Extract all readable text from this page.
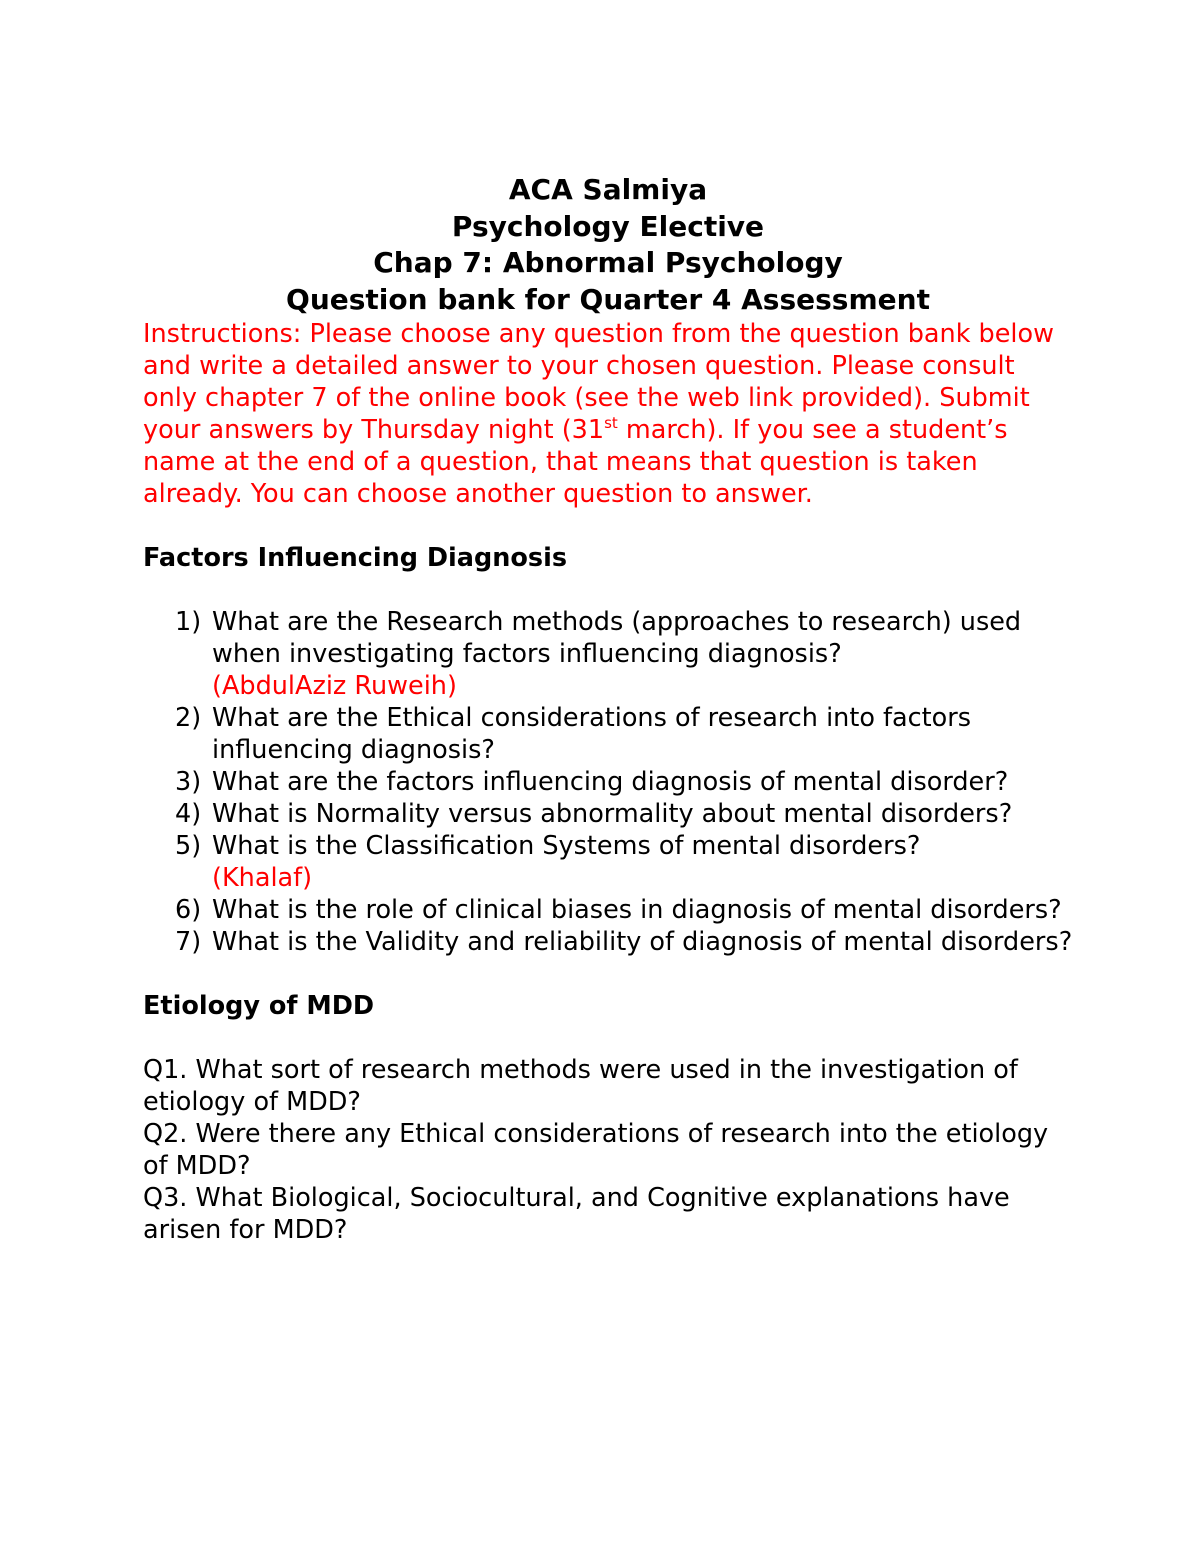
ACA Salmiya
Psychology Elective
Chap 7: Abnormal Psychology
Question bank for Quarter 4 Assessment

Instructions: Please choose any question from the question bank below and write a detailed answer to your chosen question. Please consult only chapter 7 of the online book (see the web link provided). Submit your answers by Thursday night (31st march). If you see a student’s name at the end of a question, that means that question is taken already. You can choose another question to answer.

Factors Influencing Diagnosis
1) What are the Research methods (approaches to research) used when investigating factors influencing diagnosis?
(AbdulAziz Ruweih)
2) What are the Ethical considerations of research into factors influencing diagnosis?
3) What are the factors influencing diagnosis of mental disorder?
4) What is Normality versus abnormality about mental disorders?
5) What is the Classification Systems of mental disorders?
(Khalaf)
6) What is the role of clinical biases in diagnosis of mental disorders?
7) What is the Validity and reliability of diagnosis of mental disorders?
Etiology of MDD
Q1. What sort of research methods were used in the investigation of etiology of MDD?
Q2. Were there any Ethical considerations of research into the etiology of MDD?
Q3. What Biological, Sociocultural, and Cognitive explanations have arisen for MDD?
